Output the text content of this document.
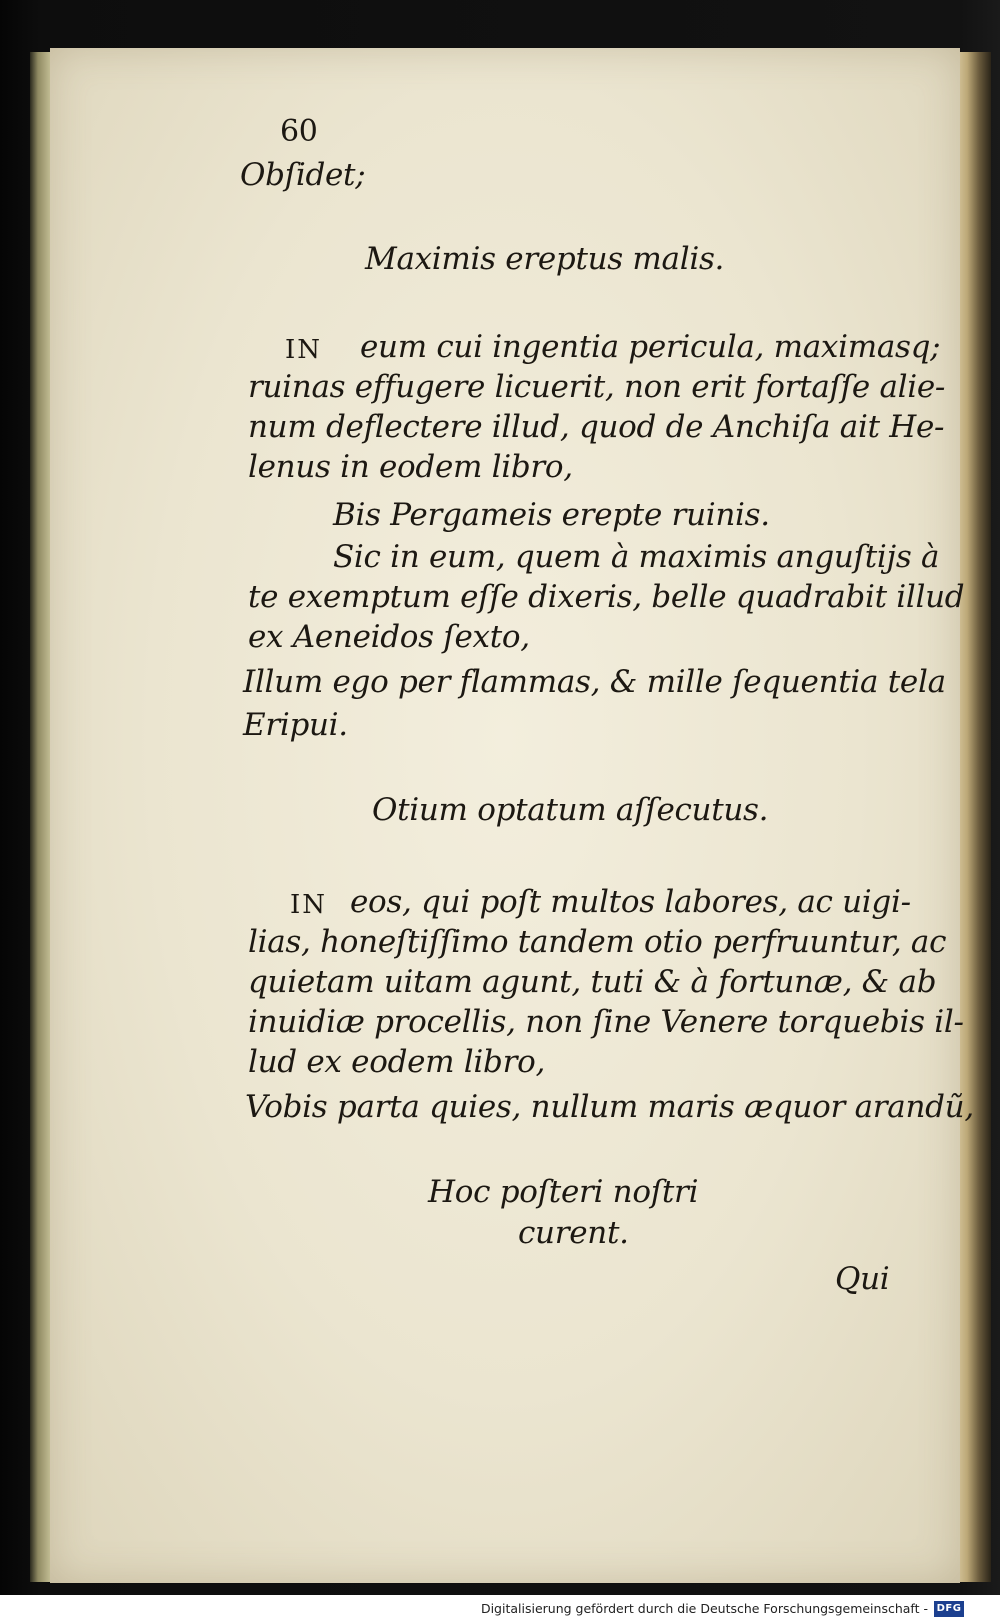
60
Obſidet;
Maximis ereptus malis.
IN eum cui ingentia pericula, maximasq;
ruinas effugere licuerit, non erit fortaſſe alie-
num deflectere illud, quod de Anchiſa ait He-
lenus in eodem libro,
Bis Pergameis erepte ruinis.
Sic in eum, quem à maximis anguſtijs à
te exemptum eſſe dixeris, belle quadrabit illud
ex Aeneidos ſexto,
Illum ego per flammas, & mille ſequentia tela
Eripui.
Otium optatum aſſecutus.
IN eos, qui poſt multos labores, ac uigi-
lias, honeſtiſſimo tandem otio perfruuntur, ac
quietam uitam agunt, tuti & à fortunæ, & ab
inuidiæ procellis, non ſine Venere torquebis il-
lud ex eodem libro,
Vobis parta quies, nullum maris æquor arandũ,
Hoc poſteri noſtri
curent.
Qui
Digitalisierung gefördert durch die Deutsche Forschungsgemeinschaft - DFG
